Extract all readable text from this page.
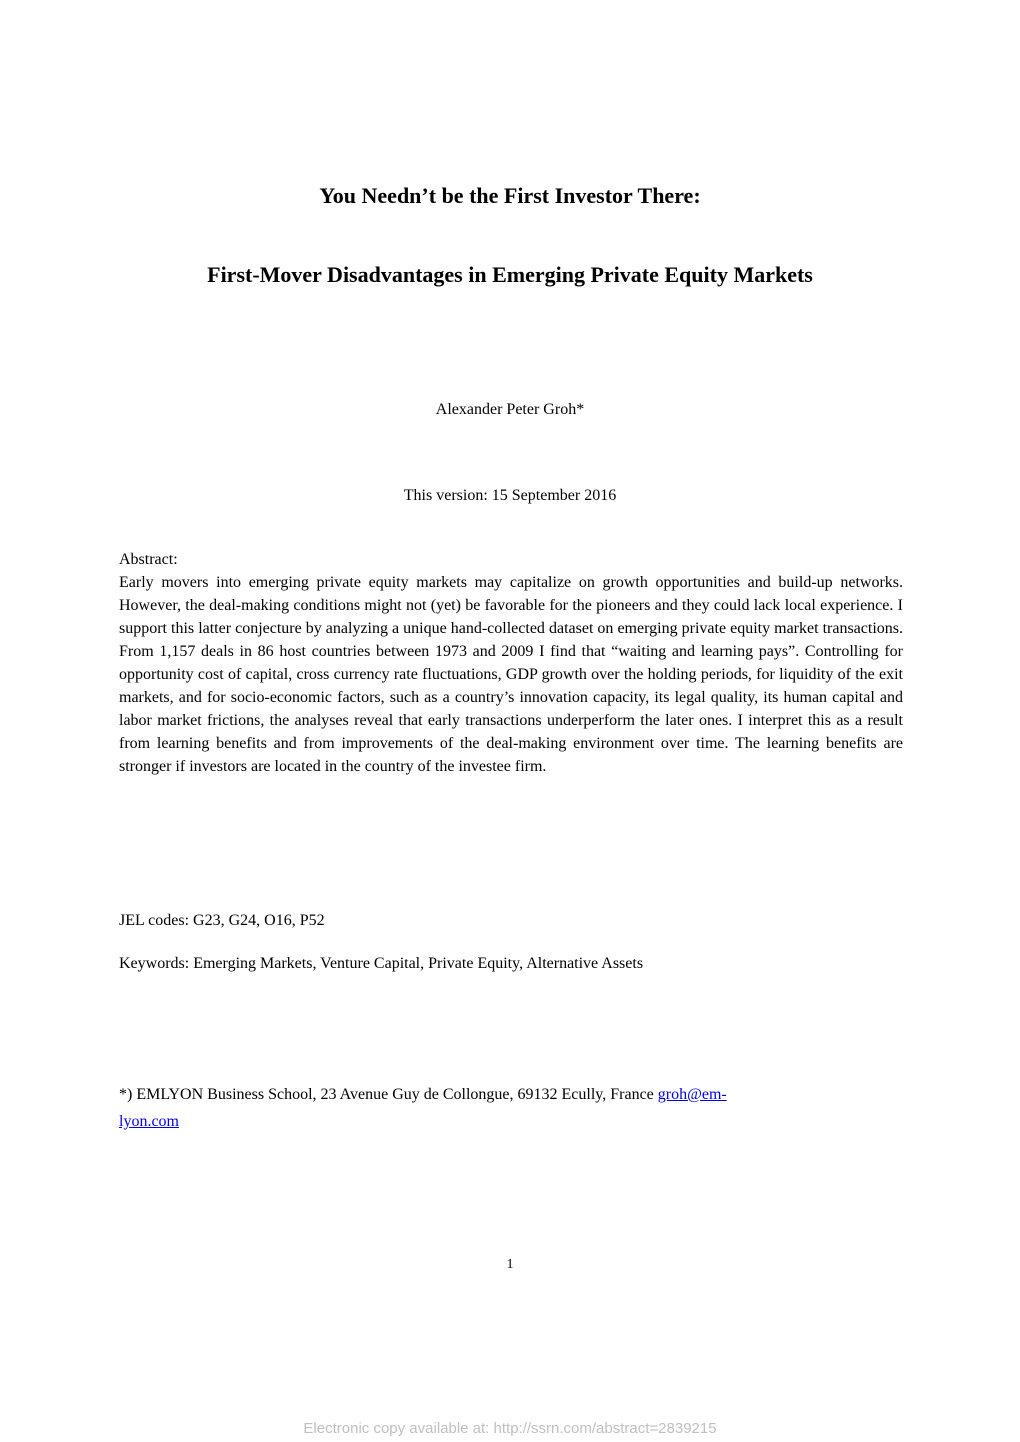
You Needn’t be the First Investor There:
First-Mover Disadvantages in Emerging Private Equity Markets
Alexander Peter Groh*
This version: 15 September 2016
Abstract:

Early movers into emerging private equity markets may capitalize on growth opportunities and build-up networks. However, the deal-making conditions might not (yet) be favorable for the pioneers and they could lack local experience. I support this latter conjecture by analyzing a unique hand-collected dataset on emerging private equity market transactions. From 1,157 deals in 86 host countries between 1973 and 2009 I find that “waiting and learning pays”. Controlling for opportunity cost of capital, cross currency rate fluctuations, GDP growth over the holding periods, for liquidity of the exit markets, and for socio-economic factors, such as a country’s innovation capacity, its legal quality, its human capital and labor market frictions, the analyses reveal that early transactions underperform the later ones. I interpret this as a result from learning benefits and from improvements of the deal-making environment over time. The learning benefits are stronger if investors are located in the country of the investee firm.

JEL codes: G23, G24, O16, P52
Keywords: Emerging Markets, Venture Capital, Private Equity, Alternative Assets
*) EMLYON Business School, 23 Avenue Guy de Collongue, 69132 Ecully, France groh@em-
lyon.com
1
Electronic copy available at: http://ssrn.com/abstract=2839215
